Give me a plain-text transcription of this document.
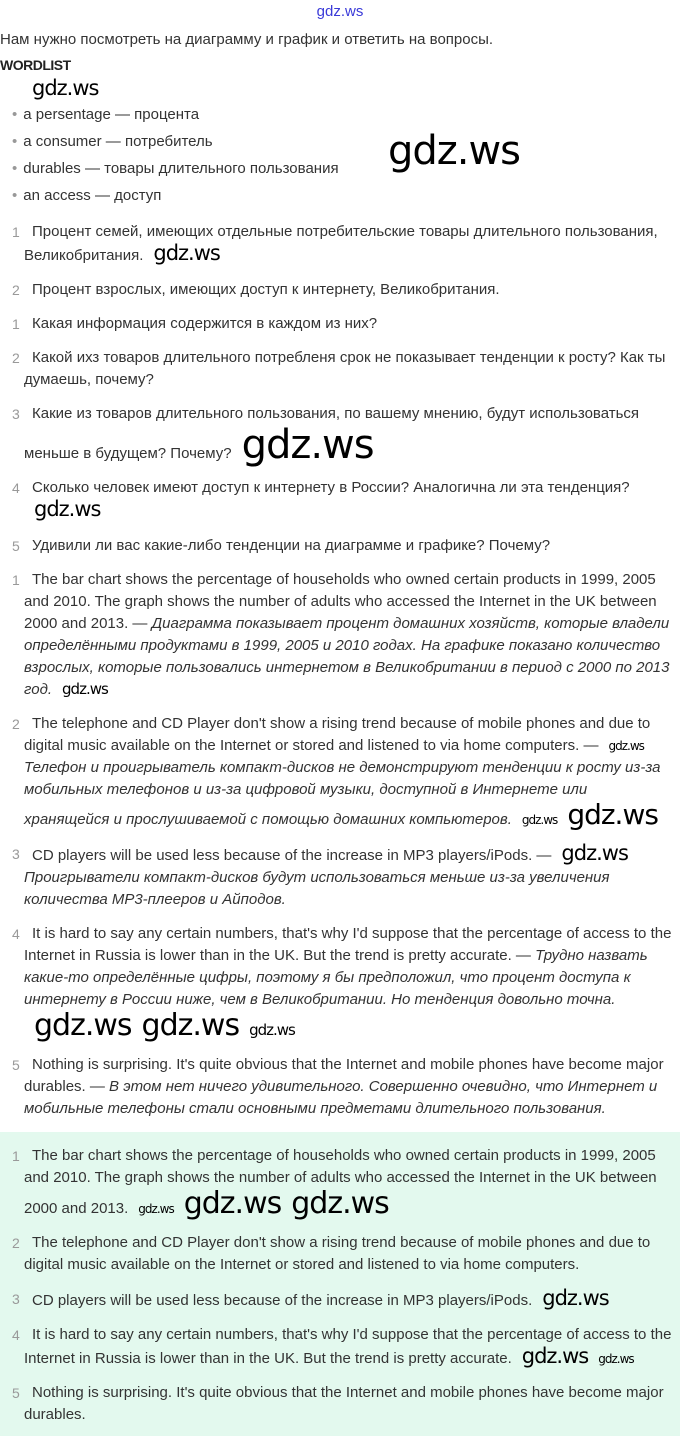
gdz.ws
Нам нужно посмотреть на диаграмму и график и ответить на вопросы.
WORDLIST
gdz.ws
gdz.ws
• a persentage — процента
• a consumer — потребитель
• durables — товары длительного пользования
• an access — доступ
1 Процент семей, имеющих отдельные потребительские товары длительного пользования, Великобритания. gdz.ws
2 Процент взрослых, имеющих доступ к интернету, Великобритания.
1 Какая информация содержится в каждом из них?
2 Какой ихз товаров длительного потребленя срок не показывает тенденции к росту? Как ты думаешь, почему?
3 Какие из товаров длительного пользования, по вашему мнению, будут использоваться меньше в будущем? Почему? gdz.ws
4 Сколько человек имеют доступ к интернету в России? Аналогична ли эта тенденция?gdz.ws
5 Удивили ли вас какие-либо тенденции на диаграмме и графике? Почему?
1 The bar chart shows the percentage of households who owned certain products in 1999, 2005 and 2010. The graph shows the number of adults who accessed the Internet in the UK between 2000 and 2013. — Диаграмма показывает процент домашних хозяйств, которые владели определёнными продуктами в 1999, 2005 и 2010 годах. На графике показано количество взрослых, которые пользовались интернетом в Великобритании в период с 2000 по 2013 год. gdz.ws
2 The telephone and CD Player don't show a rising trend because of mobile phones and due to digital music available on the Internet or stored and listened to via home computers. — gdz.ws Телефон и проигрыватель компакт-дисков не демонстрируют тенденции к росту из-за мобильных телефонов и из-за цифровой музыки, доступной в Интернете или хранящейся и прослушиваемой с помощью домашних компьютеров. gdz.ws gdz.ws
3 CD players will be used less because of the increase in MP3 players/iPods. — gdz.ws Проигрыватели компакт-дисков будут использоваться меньше из-за увеличения количества МР3-плееров и Айподов.
4 It is hard to say any certain numbers, that's why I'd suppose that the percentage of access to the Internet in Russia is lower than in the UK. But the trend is pretty accurate. — Трудно назвать какие-то определённые цифры, поэтому я бы предположил, что процент доступа к интернету в России ниже, чем в Великобритании. Но тенденция довольно точна.gdz.ws gdz.ws gdz.ws
5 Nothing is surprising. It's quite obvious that the Internet and mobile phones have become major durables. — В этом нет ничего удивительного. Совершенно очевидно, что Интернет и мобильные телефоны стали основными предметами длительного пользования.
1 The bar chart shows the percentage of households who owned certain products in 1999, 2005 and 2010. The graph shows the number of adults who accessed the Internet in the UK between 2000 and 2013. gdz.ws gdz.ws gdz.ws
2 The telephone and CD Player don't show a rising trend because of mobile phones and due to digital music available on the Internet or stored and listened to via home computers.
3 CD players will be used less because of the increase in MP3 players/iPods. gdz.ws
4 It is hard to say any certain numbers, that's why I'd suppose that the percentage of access to the Internet in Russia is lower than in the UK. But the trend is pretty accurate. gdz.ws gdz.ws
5 Nothing is surprising. It's quite obvious that the Internet and mobile phones have become major durables.
